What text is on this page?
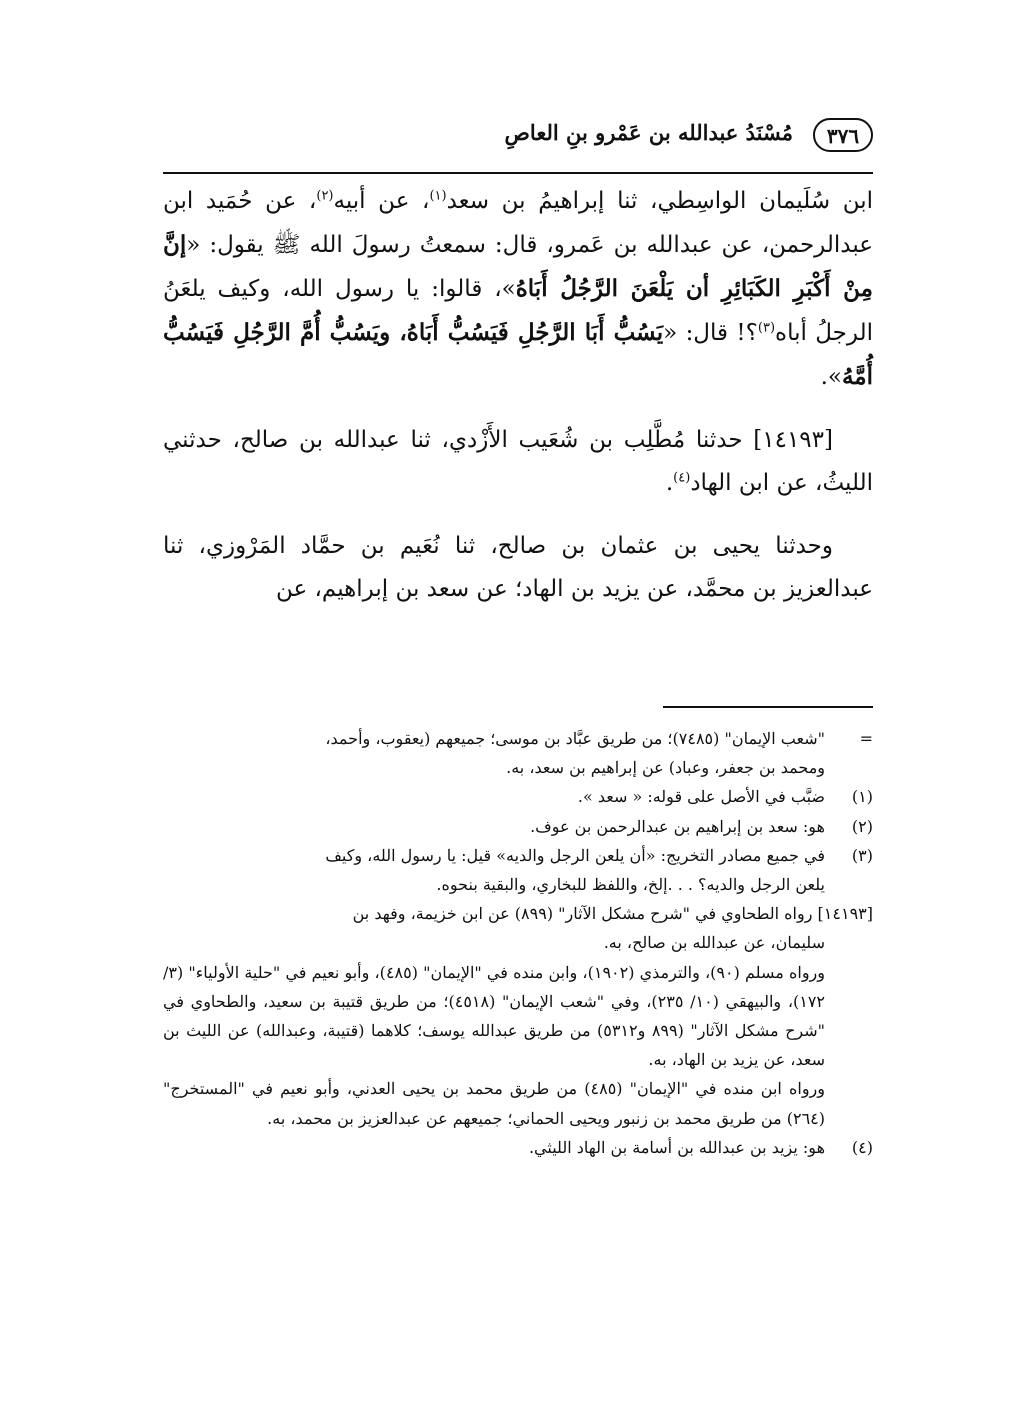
٣٧٦
مُسْنَدُ عبدالله بن عَمْرو بنِ العاصِ

ابن سُلَيمان الواسِطي، ثنا إبراهيمُ بن سعد$^{(١)}$، عن أبيه$^{(٢)}$، عن حُمَيد ابن عبدالرحمن، عن عبدالله بن عَمرو، قال: سمعتُ رسولَ الله ﷺ يقول: «إنَّ مِنْ أَكْبَرِ الكَبَائِرِ أن يَلْعَنَ الرَّجُلُ أَبَاهُ»، قالوا: يا رسول الله، وكيف يلعَنُ الرجلُ أباه$^{(٣)}$؟! قال: «يَسُبُّ أَبَا الرَّجُلِ فَيَسُبُّ أَبَاهُ، ويَسُبُّ أُمَّ الرَّجُلِ فَيَسُبُّ أُمَّهُ».

[١٤١٩٣] حدثنا مُطَّلِب بن شُعَيب الأَزْدي، ثنا عبدالله بن صالح، حدثني الليثُ، عن ابن الهاد$^{(٤)}$.

وحدثنا يحيى بن عثمان بن صالح، ثنا نُعَيم بن حمَّاد المَرْوزي، ثنا عبدالعزيز بن محمَّد، عن يزيد بن الهاد؛ عن سعد بن إبراهيم، عن

=
"شعب الإيمان" (٧٤٨٥)؛ من طريق عبَّاد بن موسى؛ جميعهم (يعقوب، وأحمد،
ومحمد بن جعفر، وعباد) عن إبراهيم بن سعد، به.
(١)
ضبَّب في الأصل على قوله: « سعد ».
(٢)
هو: سعد بن إبراهيم بن عبدالرحمن بن عوف.
(٣)
في جميع مصادر التخريج: «أن يلعن الرجل والديه» قيل: يا رسول الله، وكيف
يلعن الرجل والديه؟ . . .إلخ، واللفظ للبخاري، والبقية بنحوه.
[١٤١٩٣] رواه الطحاوي في "شرح مشكل الآثار" (٨٩٩) عن ابن خزيمة، وفهد بن
سليمان، عن عبدالله بن صالح، به.
ورواه مسلم (٩٠)، والترمذي (١٩٠٢)، وابن منده في "الإيمان" (٤٨٥)، وأبو نعيم في "حلية الأولياء" (٣/ ١٧٢)، والبيهقي (١٠/ ٢٣٥)، وفي "شعب الإيمان" (٤٥١٨)؛ من طريق قتيبة بن سعيد، والطحاوي في "شرح مشكل الآثار" (٨٩٩ و٥٣١٢) من طريق عبدالله يوسف؛ كلاهما (قتيبة، وعبدالله) عن الليث بن سعد، عن يزيد بن الهاد، به.
ورواه ابن منده في "الإيمان" (٤٨٥) من طريق محمد بن يحيى العدني، وأبو نعيم في "المستخرج" (٢٦٤) من طريق محمد بن زنبور ويحيى الحماني؛ جميعهم عن عبدالعزيز بن محمد، به.
(٤)
هو: يزيد بن عبدالله بن أسامة بن الهاد الليثي.
